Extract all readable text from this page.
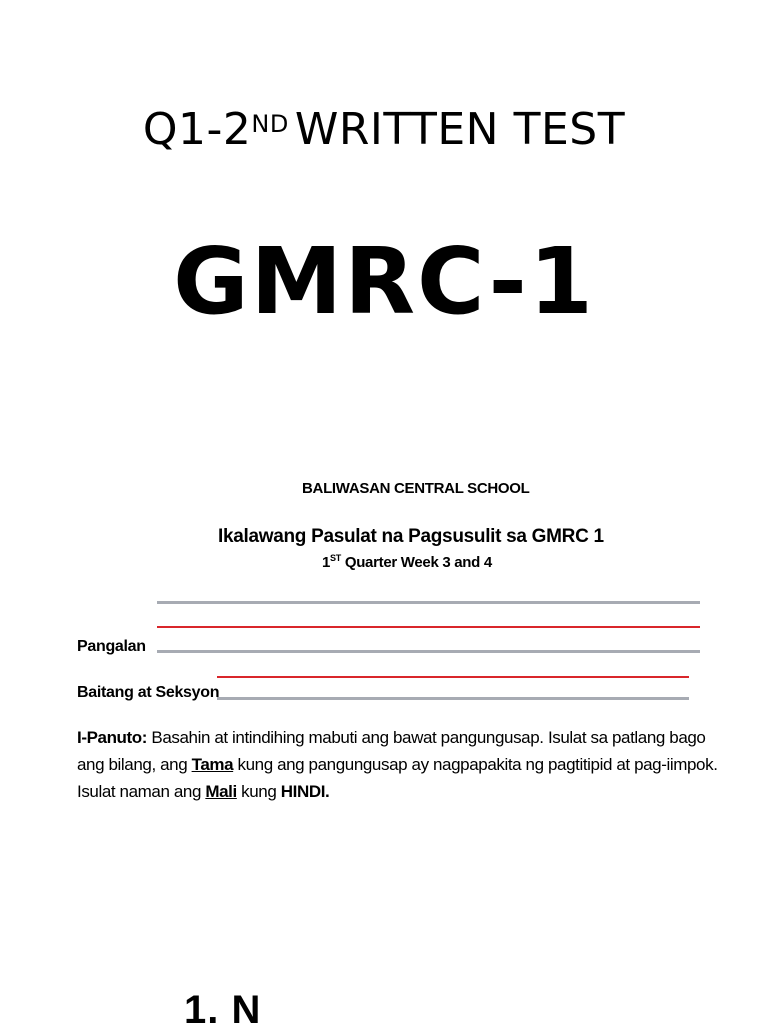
Q1-2ND WRITTEN TEST
GMRC-1
BALIWASAN CENTRAL SCHOOL
Ikalawang Pasulat na Pagsusulit sa GMRC 1
1ST Quarter Week 3 and 4
Pangalan
Baitang at Seksyon
I-Panuto: Basahin at intindihing mabuti ang bawat pangungusap. Isulat sa patlang bago
ang bilang, ang Tama kung ang pangungusap ay nagpapakita ng pagtitipid at pag-iimpok.
Isulat naman ang Mali kung HINDI.
1. N
